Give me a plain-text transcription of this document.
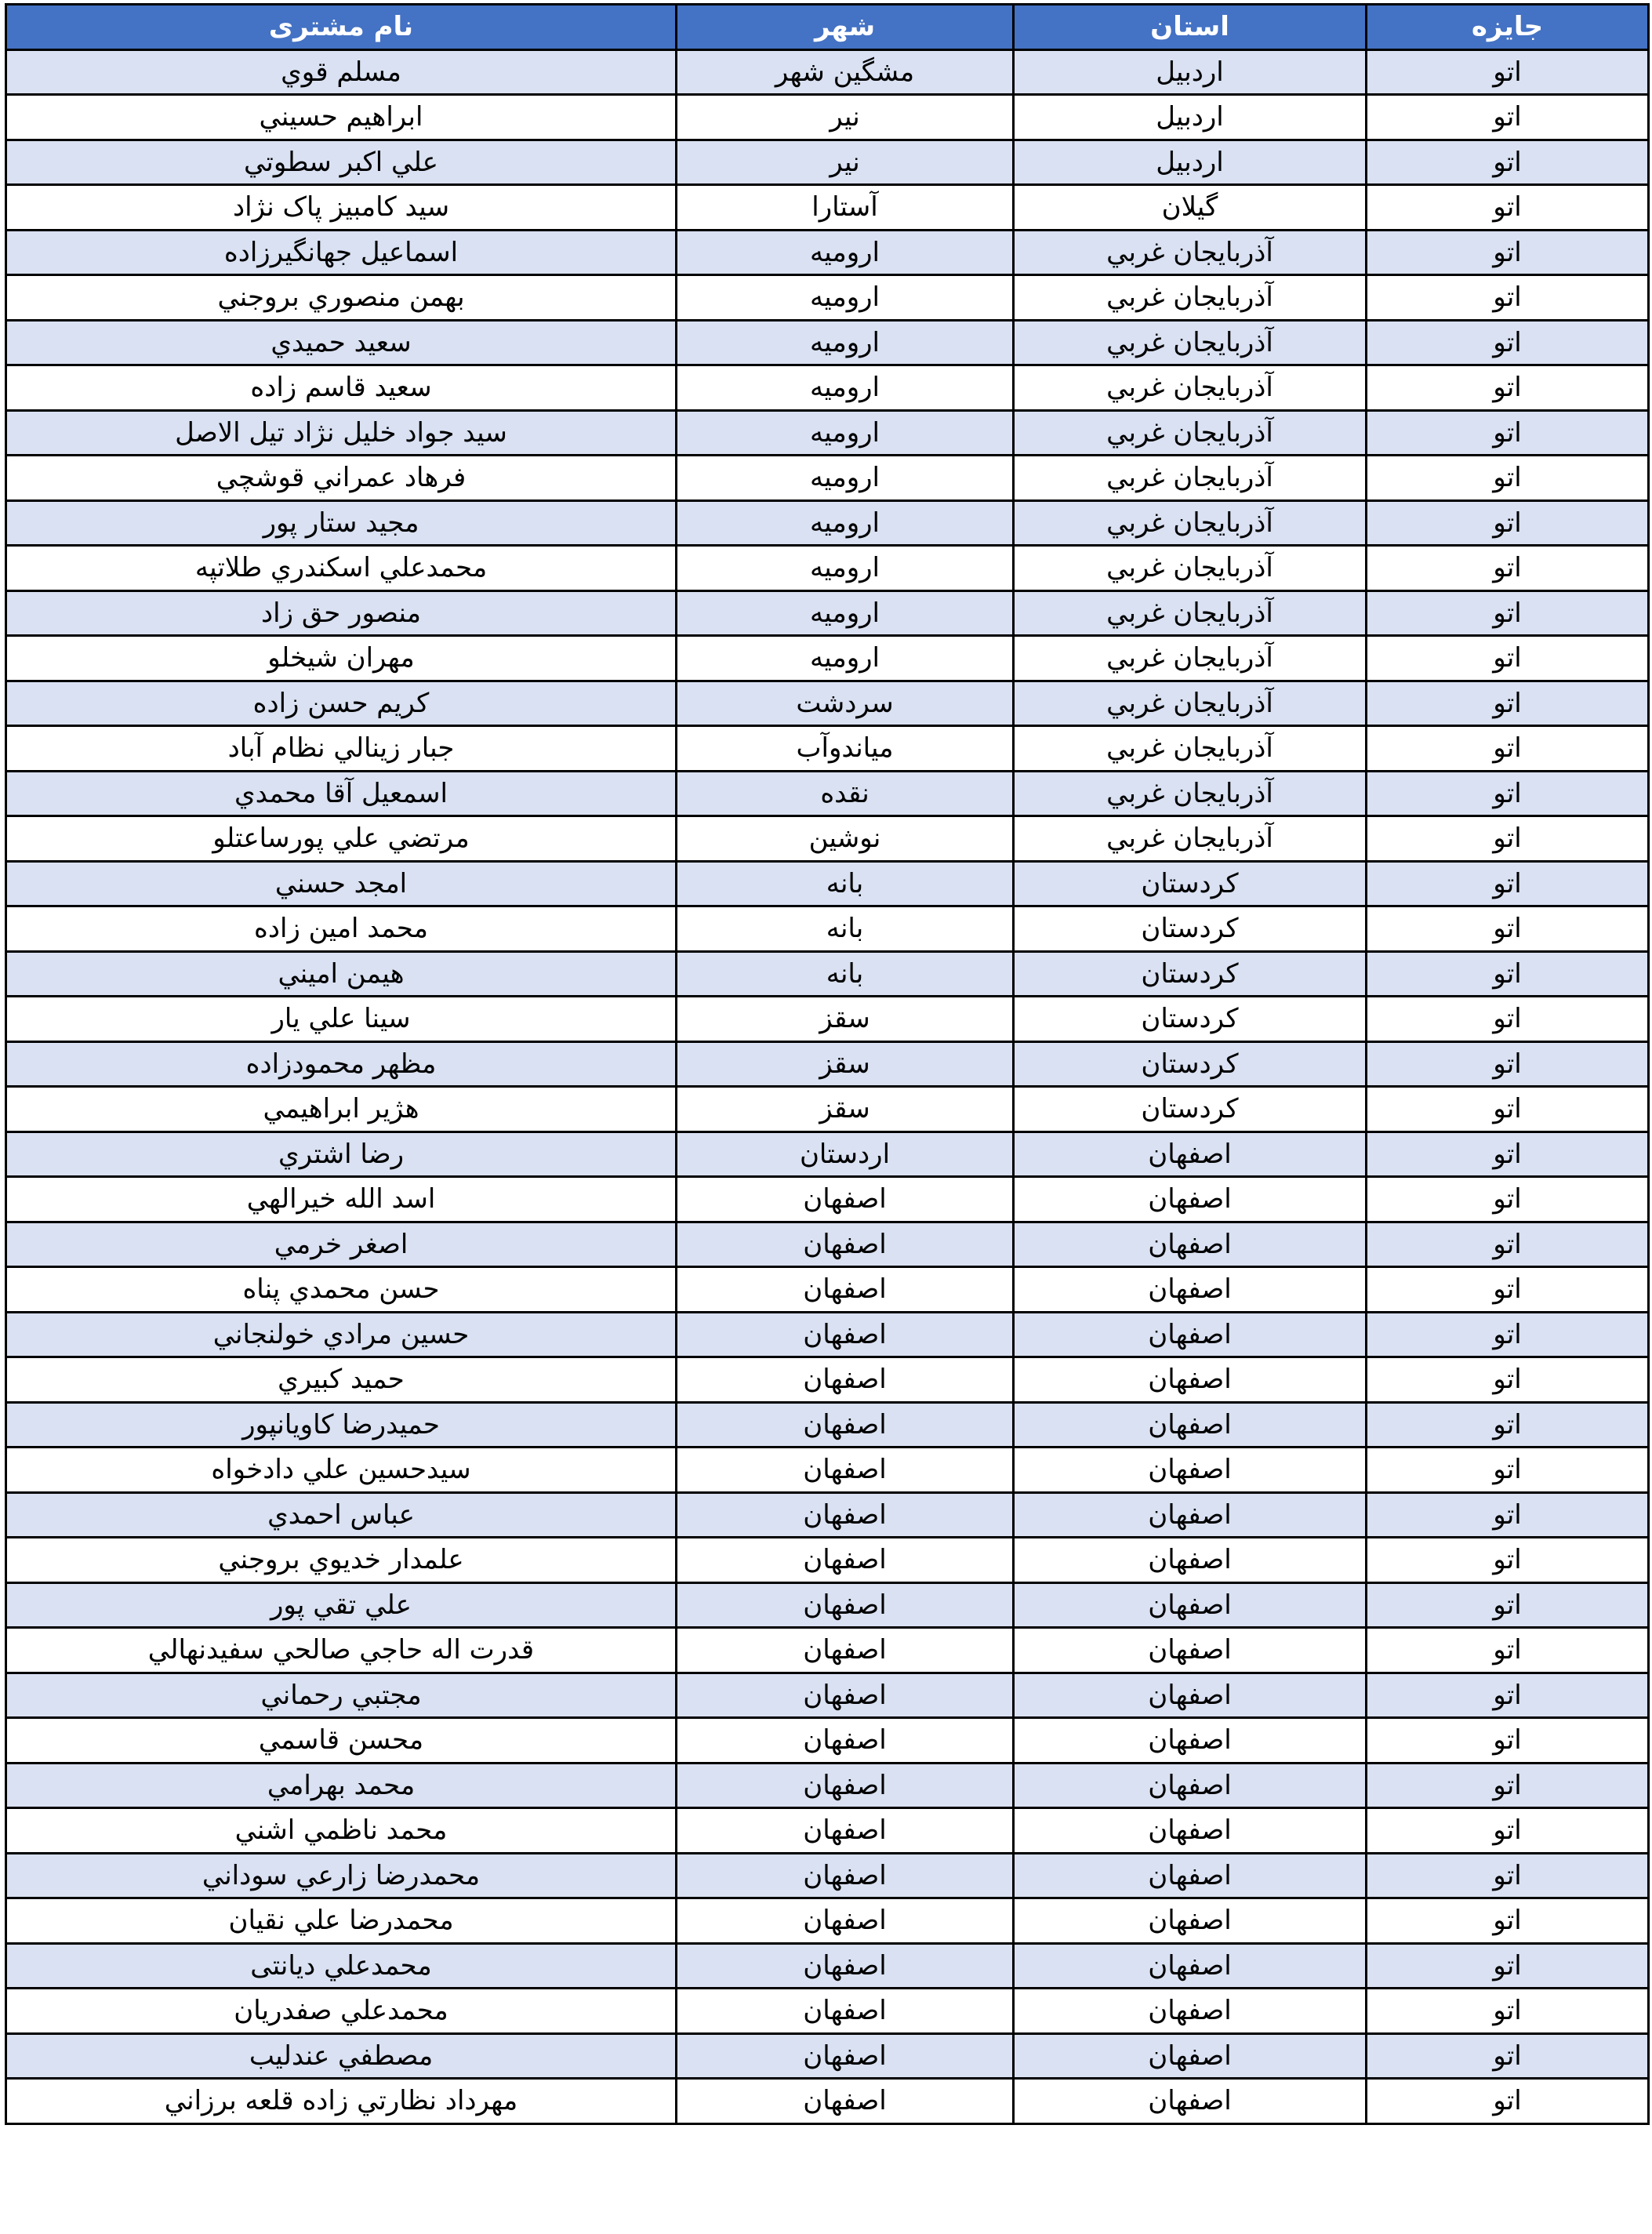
جایزه	استان	شهر	نام مشتری
اتو	اردبيل	مشگين شهر	مسلم قوي
اتو	اردبيل	نير	ابراهيم حسيني
اتو	اردبيل	نير	علي اكبر سطوتي
اتو	گيلان	آستارا	سيد كامبيز پاک نژاد
اتو	آذربايجان غربي	اروميه	اسماعيل جهانگيرزاده
اتو	آذربايجان غربي	اروميه	بهمن منصوري بروجني
اتو	آذربايجان غربي	اروميه	سعيد حميدي
اتو	آذربايجان غربي	اروميه	سعيد قاسم زاده
اتو	آذربايجان غربي	اروميه	سيد جواد خليل نژاد تيل الاصل
اتو	آذربايجان غربي	اروميه	فرهاد عمراني قوشچي
اتو	آذربايجان غربي	اروميه	مجيد ستار پور
اتو	آذربايجان غربي	اروميه	محمدعلي اسكندري طلاتپه
اتو	آذربايجان غربي	اروميه	منصور حق زاد
اتو	آذربايجان غربي	اروميه	مهران شيخلو
اتو	آذربايجان غربي	سردشت	كريم حسن زاده
اتو	آذربايجان غربي	مياندوآب	جبار زينالي نظام آباد
اتو	آذربايجان غربي	نقده	اسمعيل آقا محمدي
اتو	آذربايجان غربي	نوشين	مرتضي علي پورساعتلو
اتو	كردستان	بانه	امجد حسني
اتو	كردستان	بانه	محمد امين زاده
اتو	كردستان	بانه	هيمن اميني
اتو	كردستان	سقز	سينا علي يار
اتو	كردستان	سقز	مظهر محمودزاده
اتو	كردستان	سقز	هژير ابراهيمي
اتو	اصفهان	اردستان	رضا اشتري
اتو	اصفهان	اصفهان	اسد الله خيرالهي
اتو	اصفهان	اصفهان	اصغر خرمي
اتو	اصفهان	اصفهان	حسن محمدي پناه
اتو	اصفهان	اصفهان	حسين مرادي خولنجاني
اتو	اصفهان	اصفهان	حميد كبيري
اتو	اصفهان	اصفهان	حميدرضا كاويانپور
اتو	اصفهان	اصفهان	سيدحسين علي دادخواه
اتو	اصفهان	اصفهان	عباس احمدي
اتو	اصفهان	اصفهان	علمدار خديوي بروجني
اتو	اصفهان	اصفهان	علي تقي پور
اتو	اصفهان	اصفهان	قدرت اله حاجي صالحي سفيدنهالي
اتو	اصفهان	اصفهان	مجتبي رحماني
اتو	اصفهان	اصفهان	محسن قاسمي
اتو	اصفهان	اصفهان	محمد بهرامي
اتو	اصفهان	اصفهان	محمد ناظمي اشني
اتو	اصفهان	اصفهان	محمدرضا زارعي سوداني
اتو	اصفهان	اصفهان	محمدرضا علي نقيان
اتو	اصفهان	اصفهان	محمدعلي دیانتی
اتو	اصفهان	اصفهان	محمدعلي صفدريان
اتو	اصفهان	اصفهان	مصطفي عندليب
اتو	اصفهان	اصفهان	مهرداد نظارتي زاده قلعه برزاني
